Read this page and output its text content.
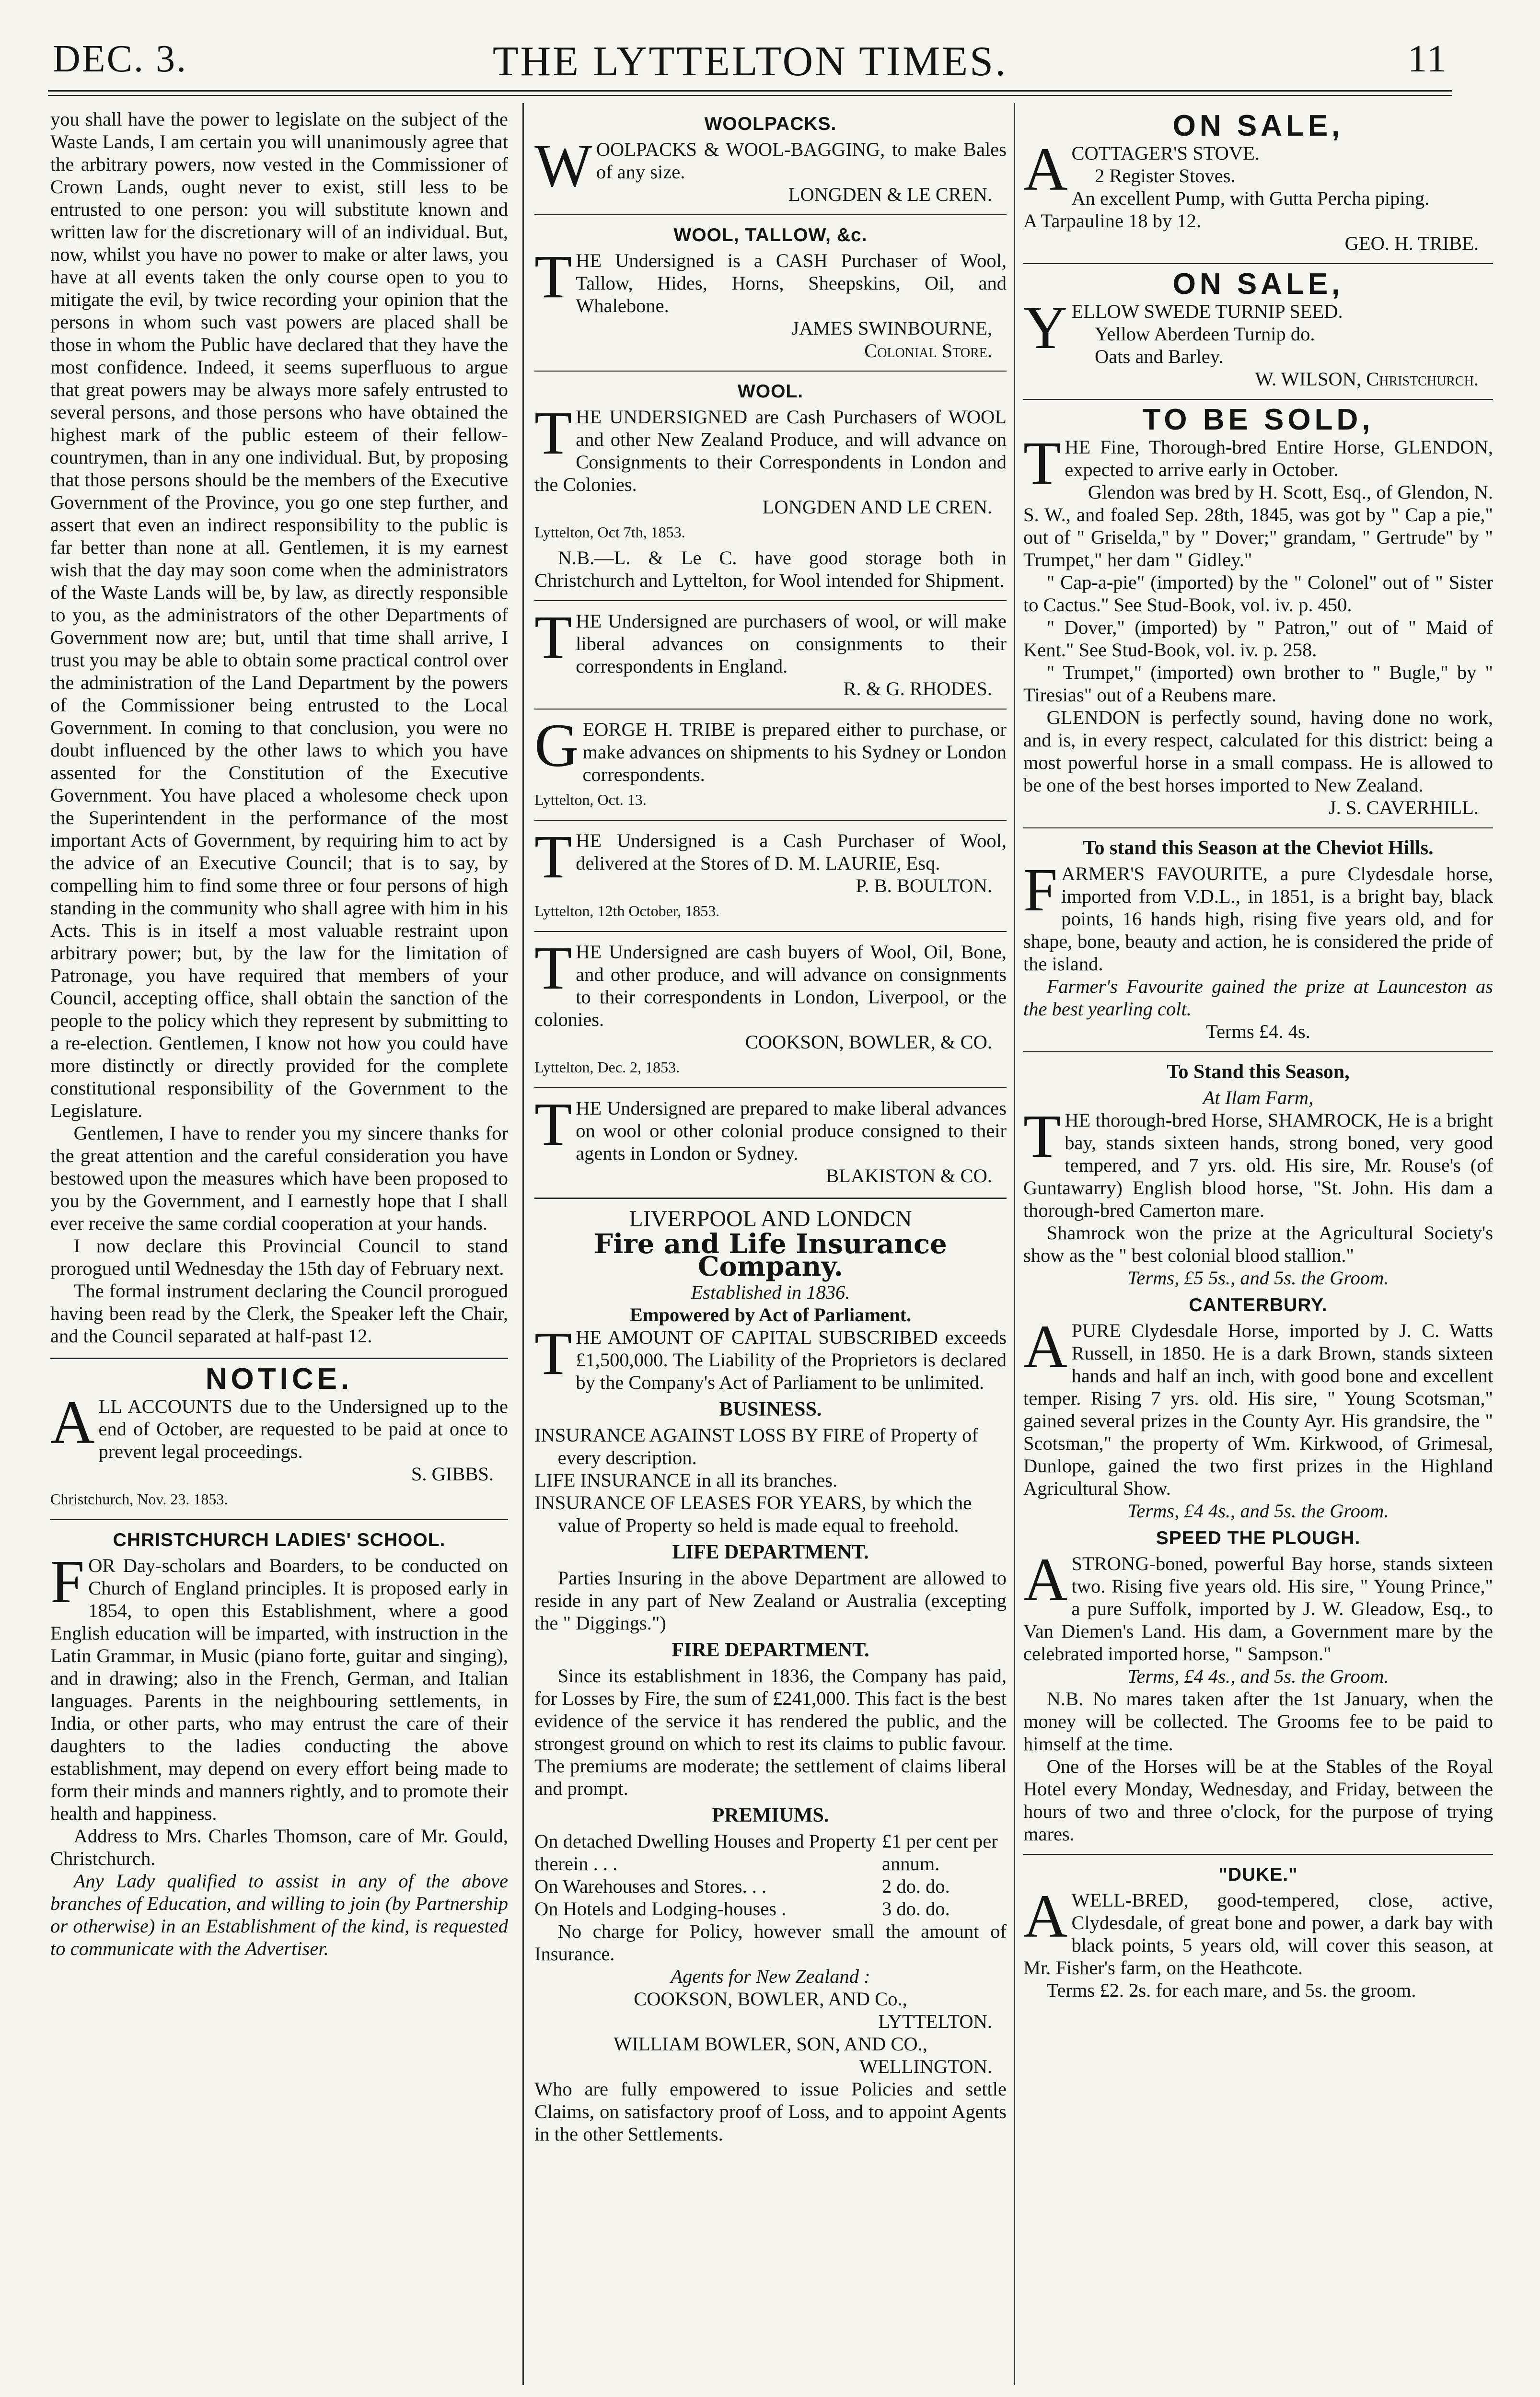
DEC. 3.	THE LYTTELTON TIMES.	11

you shall have the power to legislate on the subject of the Waste Lands, I am certain you will unanimously agree that the arbitrary powers, now vested in the Commissioner of Crown Lands, ought never to exist, still less to be entrusted to one person: you will substitute known and written law for the discretionary will of an individual. But, now, whilst you have no power to make or alter laws, you have at all events taken the only course open to you to mitigate the evil, by twice recording your opinion that the persons in whom such vast powers are placed shall be those in whom the Public have declared that they have the most confidence. Indeed, it seems superfluous to argue that great powers may be always more safely entrusted to several persons, and those persons who have obtained the highest mark of the public esteem of their fellow-countrymen, than in any one individual. But, by proposing that those persons should be the members of the Executive Government of the Province, you go one step further, and assert that even an indirect responsibility to the public is far better than none at all. Gentlemen, it is my earnest wish that the day may soon come when the administrators of the Waste Lands will be, by law, as directly responsible to you, as the administrators of the other Departments of Government now are; but, until that time shall arrive, I trust you may be able to obtain some practical control over the administration of the Land Department by the powers of the Commissioner being entrusted to the Local Government. In coming to that conclusion, you were no doubt influenced by the other laws to which you have assented for the Constitution of the Executive Government. You have placed a wholesome check upon the Superintendent in the performance of the most important Acts of Government, by requiring him to act by the advice of an Executive Council; that is to say, by compelling him to find some three or four persons of high standing in the community who shall agree with him in his Acts. This is in itself a most valuable restraint upon arbitrary power; but, by the law for the limitation of Patronage, you have required that members of your Council, accepting office, shall obtain the sanction of the people to the policy which they represent by submitting to a re-election. Gentlemen, I know not how you could have more distinctly or directly provided for the complete constitutional responsibility of the Government to the Legislature.

Gentlemen, I have to render you my sincere thanks for the great attention and the careful consideration you have bestowed upon the measures which have been proposed to you by the Government, and I earnestly hope that I shall ever receive the same cordial cooperation at your hands.

I now declare this Provincial Council to stand prorogued until Wednesday the 15th day of February next.

The formal instrument declaring the Council prorogued having been read by the Clerk, the Speaker left the Chair, and the Council separated at half-past 12.

NOTICE.

ALL ACCOUNTS due to the Undersigned up to the end of October, are requested to be paid at once to prevent legal proceedings.

S. GIBBS.

Christchurch, Nov. 23. 1853.

CHRISTCHURCH LADIES' SCHOOL.

FOR Day-scholars and Boarders, to be conducted on Church of England principles. It is proposed early in 1854, to open this Establishment, where a good English education will be imparted, with instruction in the Latin Grammar, in Music (piano forte, guitar and singing), and in drawing; also in the French, German, and Italian languages. Parents in the neighbouring settlements, in India, or other parts, who may entrust the care of their daughters to the ladies conducting the above establishment, may depend on every effort being made to form their minds and manners rightly, and to promote their health and happiness.

Address to Mrs. Charles Thomson, care of Mr. Gould, Christchurch.

Any Lady qualified to assist in any of the above branches of Education, and willing to join (by Partnership or otherwise) in an Establishment of the kind, is requested to communicate with the Advertiser.

WOOLPACKS.

WOOLPACKS & WOOL-BAGGING, to make Bales of any size.

LONGDEN & LE CREN.

WOOL, TALLOW, &c.

THE Undersigned is a CASH Purchaser of Wool, Tallow, Hides, Horns, Sheepskins, Oil, and Whalebone.

JAMES SWINBOURNE,

Colonial Store.

WOOL.

THE UNDERSIGNED are Cash Purchasers of WOOL and other New Zealand Produce, and will advance on Consignments to their Correspondents in London and the Colonies.

LONGDEN AND LE CREN.

Lyttelton, Oct 7th, 1853.

N.B.—L. & Le C. have good storage both in Christchurch and Lyttelton, for Wool intended for Shipment.

THE Undersigned are purchasers of wool, or will make liberal advances on consignments to their correspondents in England.

R. & G. RHODES.

GEORGE H. TRIBE is prepared either to purchase, or make advances on shipments to his Sydney or London correspondents.

Lyttelton, Oct. 13.

THE Undersigned is a Cash Purchaser of Wool, delivered at the Stores of D. M. LAURIE, Esq.

P. B. BOULTON.

Lyttelton, 12th October, 1853.

THE Undersigned are cash buyers of Wool, Oil, Bone, and other produce, and will advance on consignments to their correspondents in London, Liverpool, or the colonies.

COOKSON, BOWLER, & CO.

Lyttelton, Dec. 2, 1853.

THE Undersigned are prepared to make liberal advances on wool or other colonial produce consigned to their agents in London or Sydney.

BLAKISTON & CO.

LIVERPOOL AND LONDCN

Fire and Life Insurance Company.

Established in 1836.

Empowered by Act of Parliament.

THE AMOUNT OF CAPITAL SUBSCRIBED exceeds £1,500,000. The Liability of the Proprietors is declared by the Company's Act of Parliament to be unlimited.

BUSINESS.

INSURANCE AGAINST LOSS BY FIRE of Property of every description.

LIFE INSURANCE in all its branches.

INSURANCE OF LEASES FOR YEARS, by which the value of Property so held is made equal to freehold.

LIFE DEPARTMENT.

Parties Insuring in the above Department are allowed to reside in any part of New Zealand or Australia (excepting the " Diggings.")

FIRE DEPARTMENT.

Since its establishment in 1836, the Company has paid, for Losses by Fire, the sum of £241,000. This fact is the best evidence of the service it has rendered the public, and the strongest ground on which to rest its claims to public favour. The premiums are moderate; the settlement of claims liberal and prompt.

PREMIUMS.
On detached Dwelling Houses and Property therein . . .
£1 per cent per annum.
On Warehouses and Stores. . .	2 do. do.
On Hotels and Lodging-houses .	3 do. do.

No charge for Policy, however small the amount of Insurance.

Agents for New Zealand :

COOKSON, BOWLER, AND Co.,

LYTTELTON.

WILLIAM BOWLER, SON, AND CO.,

WELLINGTON.

Who are fully empowered to issue Policies and settle Claims, on satisfactory proof of Loss, and to appoint Agents in the other Settlements.

ON SALE,

ACOTTAGER'S STOVE.

2 Register Stoves.

An excellent Pump, with Gutta Percha piping.

A Tarpauline 18 by 12.

GEO. H. TRIBE.

ON SALE,

YELLOW SWEDE TURNIP SEED.

Yellow Aberdeen Turnip do.

Oats and Barley.

W. WILSON, Christchurch.

TO BE SOLD,

THE Fine, Thorough-bred Entire Horse, GLENDON, expected to arrive early in October.

Glendon was bred by H. Scott, Esq., of Glendon, N. S. W., and foaled Sep. 28th, 1845, was got by " Cap a pie," out of " Griselda," by " Dover;" grandam, " Gertrude" by " Trumpet," her dam " Gidley."

" Cap-a-pie" (imported) by the " Colonel" out of " Sister to Cactus." See Stud-Book, vol. iv. p. 450.

" Dover," (imported) by " Patron," out of " Maid of Kent." See Stud-Book, vol. iv. p. 258.

" Trumpet," (imported) own brother to " Bugle," by " Tiresias" out of a Reubens mare.

GLENDON is perfectly sound, having done no work, and is, in every respect, calculated for this district: being a most powerful horse in a small compass. He is allowed to be one of the best horses imported to New Zealand.

J. S. CAVERHILL.

To stand this Season at the Cheviot Hills.

FARMER'S FAVOURITE, a pure Clydesdale horse, imported from V.D.L., in 1851, is a bright bay, black points, 16 hands high, rising five years old, and for shape, bone, beauty and action, he is considered the pride of the island.

Farmer's Favourite gained the prize at Launceston as the best yearling colt.

Terms £4. 4s.

To Stand this Season,

At Ilam Farm,

THE thorough-bred Horse, SHAMROCK, He is a bright bay, stands sixteen hands, strong boned, very good tempered, and 7 yrs. old. His sire, Mr. Rouse's (of Guntawarry) English blood horse, "St. John. His dam a thorough-bred Camerton mare.

Shamrock won the prize at the Agricultural Society's show as the " best colonial blood stallion."

Terms, £5 5s., and 5s. the Groom.

CANTERBURY.

APURE Clydesdale Horse, imported by J. C. Watts Russell, in 1850. He is a dark Brown, stands sixteen hands and half an inch, with good bone and excellent temper. Rising 7 yrs. old. His sire, " Young Scotsman," gained several prizes in the County Ayr. His grandsire, the " Scotsman," the property of Wm. Kirkwood, of Grimesal, Dunlope, gained the two first prizes in the Highland Agricultural Show.

Terms, £4 4s., and 5s. the Groom.

SPEED THE PLOUGH.

ASTRONG-boned, powerful Bay horse, stands sixteen two. Rising five years old. His sire, " Young Prince," a pure Suffolk, imported by J. W. Gleadow, Esq., to Van Diemen's Land. His dam, a Government mare by the celebrated imported horse, " Sampson."

Terms, £4 4s., and 5s. the Groom.

N.B. No mares taken after the 1st January, when the money will be collected. The Grooms fee to be paid to himself at the time.

One of the Horses will be at the Stables of the Royal Hotel every Monday, Wednesday, and Friday, between the hours of two and three o'clock, for the purpose of trying mares.

"DUKE."

AWELL-BRED, good-tempered, close, active, Clydesdale, of great bone and power, a dark bay with black points, 5 years old, will cover this season, at Mr. Fisher's farm, on the Heathcote.

Terms £2. 2s. for each mare, and 5s. the groom.
